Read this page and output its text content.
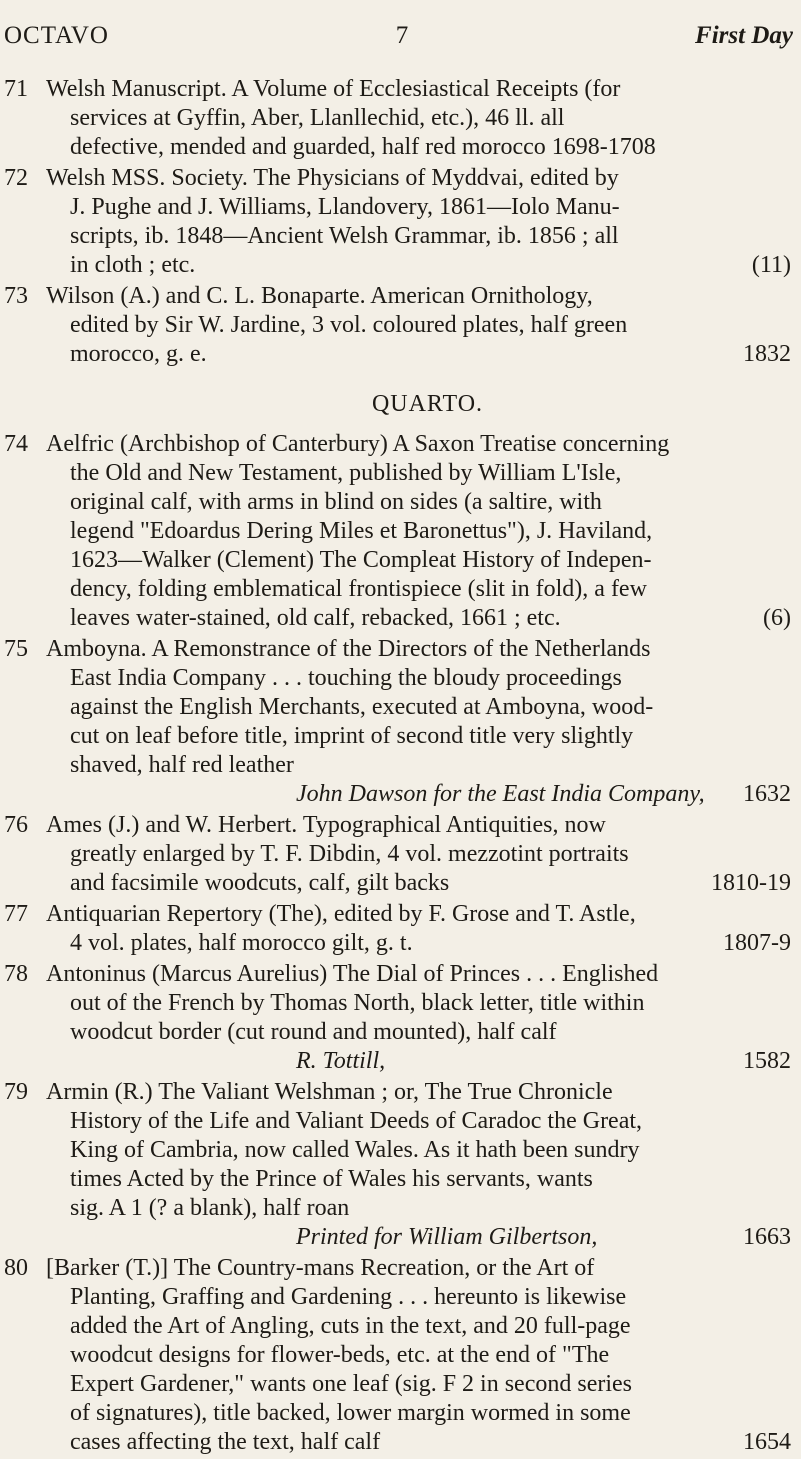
OCTAVO	7	First Day
71 Welsh Manuscript. A Volume of Ecclesiastical Receipts (for
services at Gyffin, Aber, Llanllechid, etc.), 46 ll. all
defective, mended and guarded, half red morocco 1698-1708
72 Welsh MSS. Society. The Physicians of Myddvai, edited by
J. Pughe and J. Williams, Llandovery, 1861—Iolo Manu-
scripts, ib. 1848—Ancient Welsh Grammar, ib. 1856 ; all
in cloth ; etc.	(11)
73 Wilson (A.) and C. L. Bonaparte. American Ornithology,
edited by Sir W. Jardine, 3 vol. coloured plates, half green
morocco, g. e.	1832
QUARTO.
74 Aelfric (Archbishop of Canterbury) A Saxon Treatise concerning
the Old and New Testament, published by William L'Isle,
original calf, with arms in blind on sides (a saltire, with
legend "Edoardus Dering Miles et Baronettus"), J. Haviland,
1623—Walker (Clement) The Compleat History of Indepen-
dency, folding emblematical frontispiece (slit in fold), a few
leaves water-stained, old calf, rebacked, 1661 ; etc.	(6)
75 Amboyna. A Remonstrance of the Directors of the Netherlands
East India Company . . . touching the bloudy proceedings
against the English Merchants, executed at Amboyna, wood-
cut on leaf before title, imprint of second title very slightly
shaved, half red leather
John Dawson for the East India Company, 1632
76 Ames (J.) and W. Herbert. Typographical Antiquities, now
greatly enlarged by T. F. Dibdin, 4 vol. mezzotint portraits
and facsimile woodcuts, calf, gilt backs	1810-19
77 Antiquarian Repertory (The), edited by F. Grose and T. Astle,
4 vol. plates, half morocco gilt, g. t.	1807-9
78 Antoninus (Marcus Aurelius) The Dial of Princes . . . Englished
out of the French by Thomas North, black letter, title within
woodcut border (cut round and mounted), half calf
R. Tottill,	1582
79 Armin (R.) The Valiant Welshman ; or, The True Chronicle
History of the Life and Valiant Deeds of Caradoc the Great,
King of Cambria, now called Wales. As it hath been sundry
times Acted by the Prince of Wales his servants, wants
sig. A 1 (? a blank), half roan
Printed for William Gilbertson,	1663
80 [Barker (T.)] The Country-mans Recreation, or the Art of
Planting, Graffing and Gardening . . . hereunto is likewise
added the Art of Angling, cuts in the text, and 20 full-page
woodcut designs for flower-beds, etc. at the end of "The
Expert Gardener," wants one leaf (sig. F 2 in second series
of signatures), title backed, lower margin wormed in some
cases affecting the text, half calf	1654
